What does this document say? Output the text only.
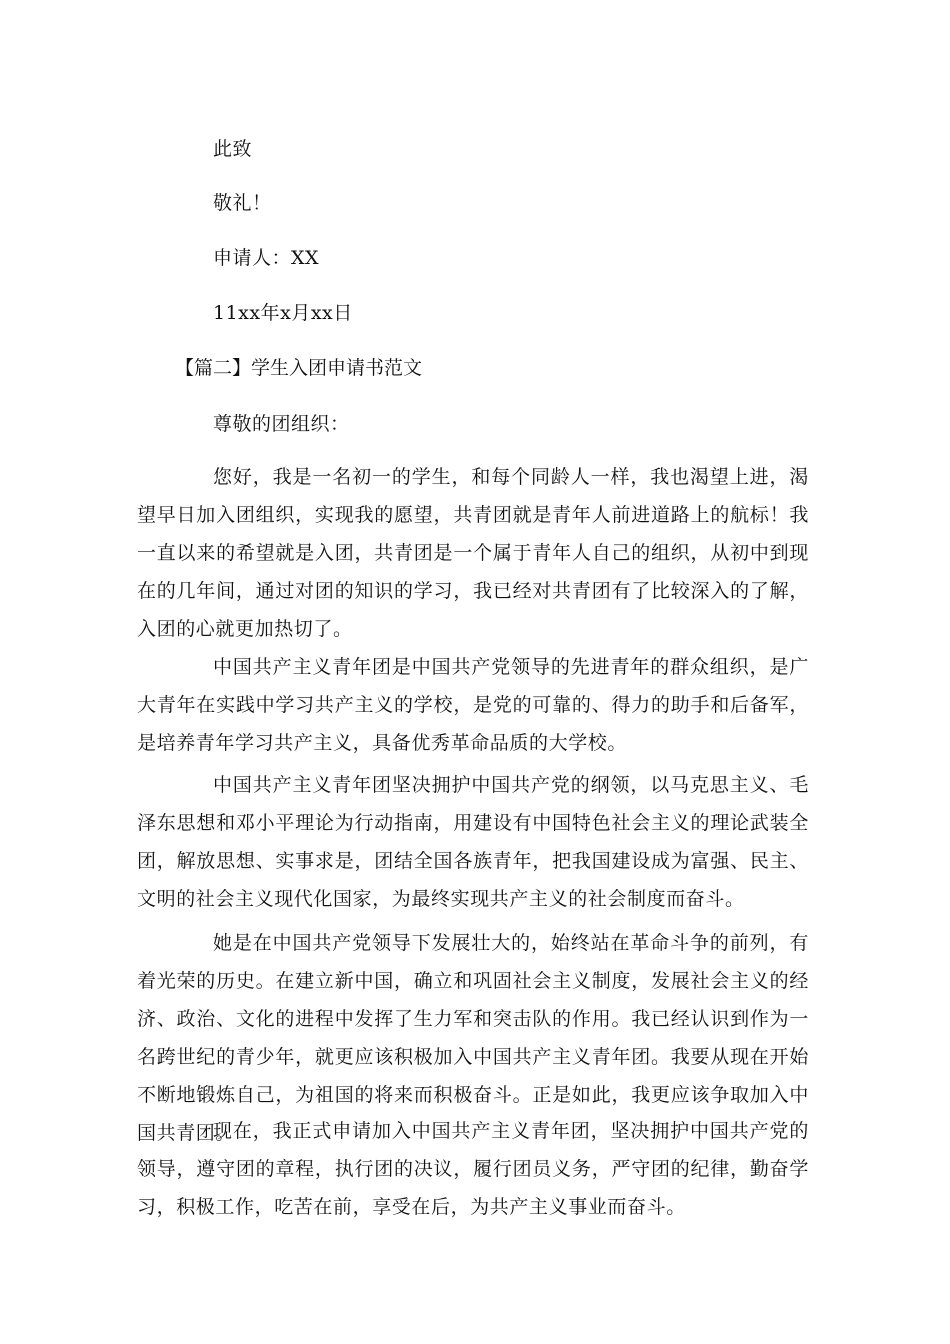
此致
敬礼！
申请人：XX
11xx年x月xx日
【篇二】学生入团申请书范文
尊敬的团组织：

您好，我是一名初一的学生，和每个同龄人一样，我也渴望上进，渴望早日加入团组织，实现我的愿望，共青团就是青年人前进道路上的航标！我一直以来的希望就是入团，共青团是一个属于青年人自己的组织，从初中到现在的几年间，通过对团的知识的学习，我已经对共青团有了比较深入的了解，入团的心就更加热切了。

中国共产主义青年团是中国共产党领导的先进青年的群众组织，是广大青年在实践中学习共产主义的学校，是党的可靠的、得力的助手和后备军，是培养青年学习共产主义，具备优秀革命品质的大学校。

中国共产主义青年团坚决拥护中国共产党的纲领，以马克思主义、毛泽东思想和邓小平理论为行动指南，用建设有中国特色社会主义的理论武装全团，解放思想、实事求是，团结全国各族青年，把我国建设成为富强、民主、文明的社会主义现代化国家，为最终实现共产主义的社会制度而奋斗。

她是在中国共产党领导下发展壮大的，始终站在革命斗争的前列，有着光荣的历史。在建立新中国，确立和巩固社会主义制度，发展社会主义的经济、政治、文化的进程中发挥了生力军和突击队的作用。我已经认识到作为一名跨世纪的青少年，就更应该积极加入中国共产主义青年团。我要从现在开始不断地锻炼自己，为祖国的将来而积极奋斗。正是如此，我更应该争取加入中国共青团。

现在，我正式申请加入中国共产主义青年团，坚决拥护中国共产党的领导，遵守团的章程，执行团的决议，履行团员义务，严守团的纪律，勤奋学习，积极工作，吃苦在前，享受在后，为共产主义事业而奋斗。
